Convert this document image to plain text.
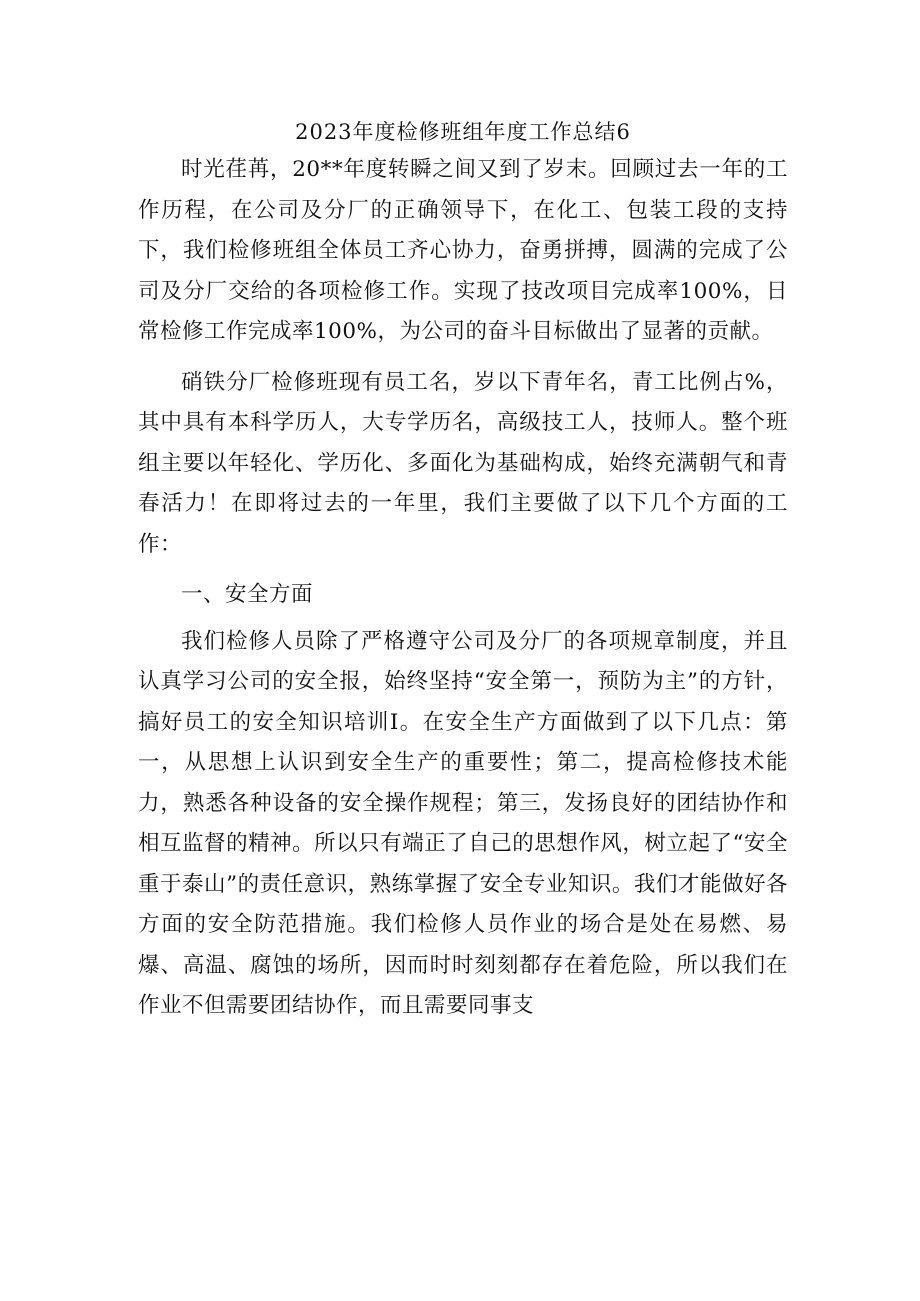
2023年度检修班组年度工作总结6

时光荏苒，20**年度转瞬之间又到了岁末。回顾过去一年的工作历程，在公司及分厂的正确领导下，在化工、包装工段的支持下，我们检修班组全体员工齐心协力，奋勇拼搏，圆满的完成了公司及分厂交给的各项检修工作。实现了技改项目完成率100%，日常检修工作完成率100%，为公司的奋斗目标做出了显著的贡献。

硝铁分厂检修班现有员工名，岁以下青年名，青工比例占%，其中具有本科学历人，大专学历名，高级技工人，技师人。整个班组主要以年轻化、学历化、多面化为基础构成，始终充满朝气和青春活力！在即将过去的一年里，我们主要做了以下几个方面的工作：

一、安全方面

我们检修人员除了严格遵守公司及分厂的各项规章制度，并且认真学习公司的安全报，始终坚持“安全第一，预防为主”的方针，搞好员工的安全知识培训I。在安全生产方面做到了以下几点：第一，从思想上认识到安全生产的重要性；第二，提高检修技术能力，熟悉各种设备的安全操作规程；第三，发扬良好的团结协作和相互监督的精神。所以只有端正了自己的思想作风，树立起了“安全重于泰山”的责任意识，熟练掌握了安全专业知识。我们才能做好各方面的安全防范措施。我们检修人员作业的场合是处在易燃、易爆、高温、腐蚀的场所，因而时时刻刻都存在着危险，所以我们在作业不但需要团结协作，而且需要同事支
